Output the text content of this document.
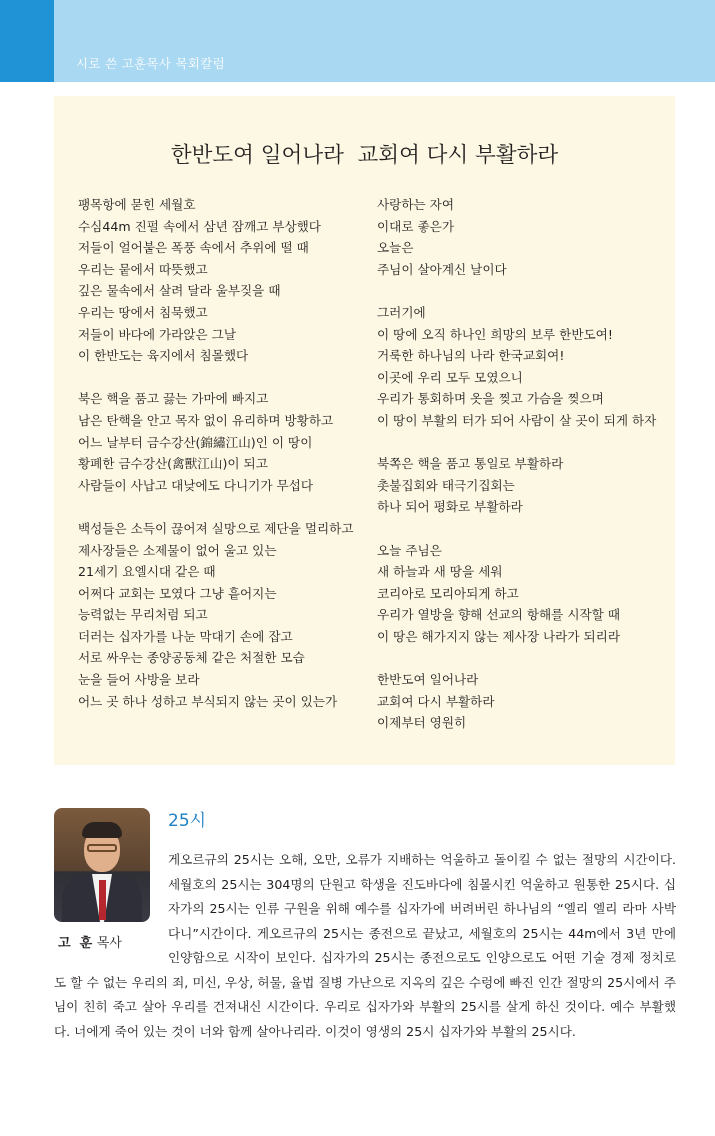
시로 쓴 고훈목사 목회칼럼
한반도여 일어나라  교회여 다시 부활하라
팽목항에 묻힌 세월호
수심44m 진펄 속에서 삼년 잠깨고 부상했다
저들이 얼어붙은 폭풍 속에서 추위에 떨 때
우리는 뭍에서 따뜻했고
깊은 물속에서 살려 달라 울부짖을 때
우리는 땅에서 침묵했고
저들이 바다에 가라앉은 그날
이 한반도는 육지에서 침몰했다
북은 핵을 품고 끓는 가마에 빠지고
남은 탄핵을 안고 목자 없이 유리하며 방황하고
어느 날부터 금수강산(錦繡江山)인 이 땅이
황폐한 금수강산(禽獸江山)이 되고
사람들이 사납고 대낮에도 다니기가 무섭다
백성들은 소득이 끊어져 실망으로 제단을 멀리하고
제사장들은 소제물이 없어 울고 있는
21세기 요엘시대 같은 때
어쩌다 교회는 모였다 그냥 흩어지는
능력없는 무리처럼 되고
더러는 십자가를 나눈 막대기 손에 잡고
서로 싸우는 종양공동체 같은 처절한 모습
눈을 들어 사방을 보라
어느 곳 하나 성하고 부식되지 않는 곳이 있는가
사랑하는 자여
이대로 좋은가
오늘은
주님이 살아계신 날이다
그러기에
이 땅에 오직 하나인 희망의 보루 한반도여!
거룩한 하나님의 나라 한국교회여!
이곳에 우리 모두 모였으니
우리가 통회하며 옷을 찢고 가슴을 찢으며
이 땅이 부활의 터가 되어 사람이 살 곳이 되게 하자
북쪽은 핵을 품고 통일로 부활하라
촛불집회와 태극기집회는
하나 되어 평화로 부활하라
오늘 주님은
새 하늘과 새 땅을 세워
코리아로 모리아되게 하고
우리가 열방을 향해 선교의 항해를 시작할 때
이 땅은 해가지지 않는 제사장 나라가 되리라
한반도여 일어나라
교회여 다시 부활하라
이제부터 영원히
고  훈 목사
25시
게오르규의 25시는 오해, 오만, 오류가 지배하는 억울하고 돌이킬 수 없는 절망의 시간이다. 세월호의 25시는 304명의 단원고 학생을 진도바다에 침몰시킨 억울하고 원통한 25시다. 십자가의 25시는 인류 구원을 위해 예수를 십자가에 버려버린 하나님의 “엘리 엘리 라마 사박다니”시간이다. 게오르규의 25시는 종전으로 끝났고, 세월호의 25시는 44m에서 3년 만에 인양함으로 시작이 보인다. 십자가의 25시는 종전으로도 인양으로도 어떤 기술 경제 정치로도 할 수 없는 우리의 죄, 미신, 우상, 허물, 율법 질병 가난으로 지옥의 깊은 수렁에 빠진 인간 절망의 25시에서 주님이 친히 죽고 살아 우리를 건져내신 시간이다. 우리로 십자가와 부활의 25시를 살게 하신 것이다. 예수 부활했다. 너에게 죽어 있는 것이 너와 함께 살아나리라. 이것이 영생의 25시 십자가와 부활의 25시다.
